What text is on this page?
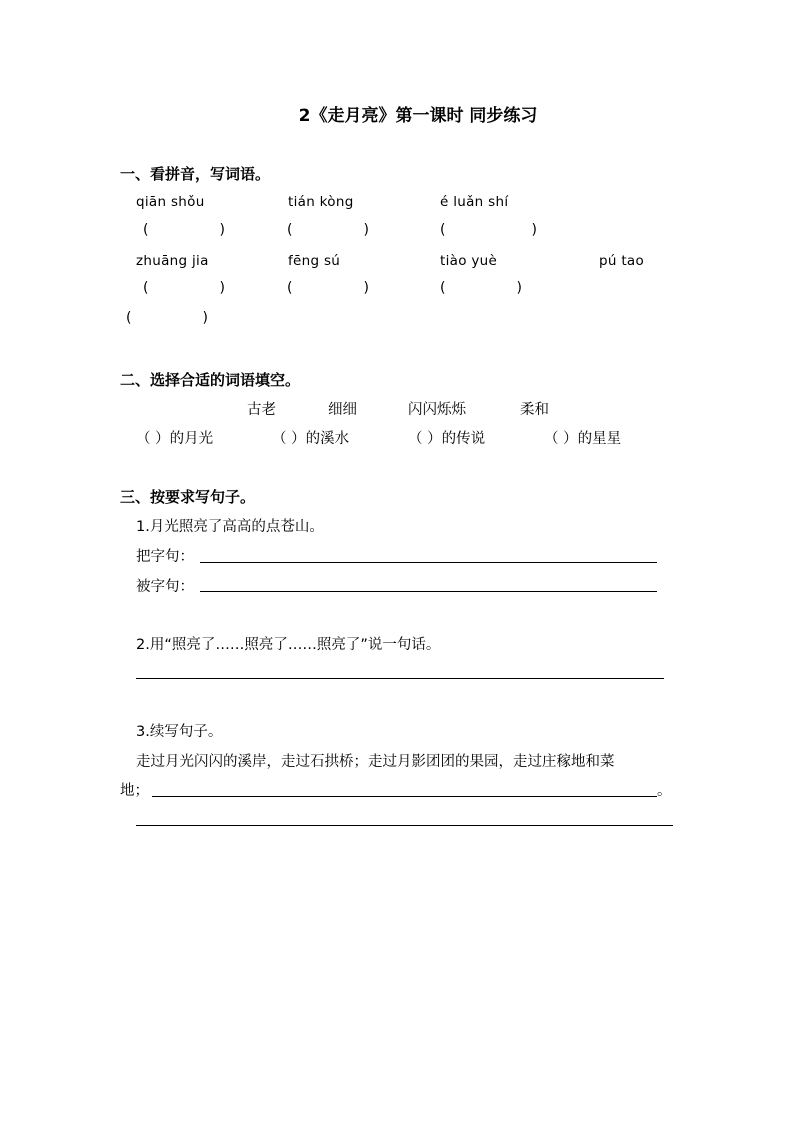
2《走月亮》第一课时 同步练习
一、看拼音，写词语。
qiān shǒu	tián kòng	é luǎn shí
(	)	(	)	(	)
zhuāng jia	fēng sú	tiào yuè	pú tao
(	)	(	)	(	)
(	)
二、选择合适的词语填空。
古老	细细	闪闪烁烁	柔和
（ ）的月光	（ ）的溪水	（ ）的传说	（ ）的星星
三、按要求写句子。
1.月光照亮了高高的点苍山。
把字句：
被字句：
2.用“照亮了……照亮了……照亮了”说一句话。
3.续写句子。
走过月光闪闪的溪岸，走过石拱桥；走过月影团团的果园，走过庄稼地和菜
地；	。
